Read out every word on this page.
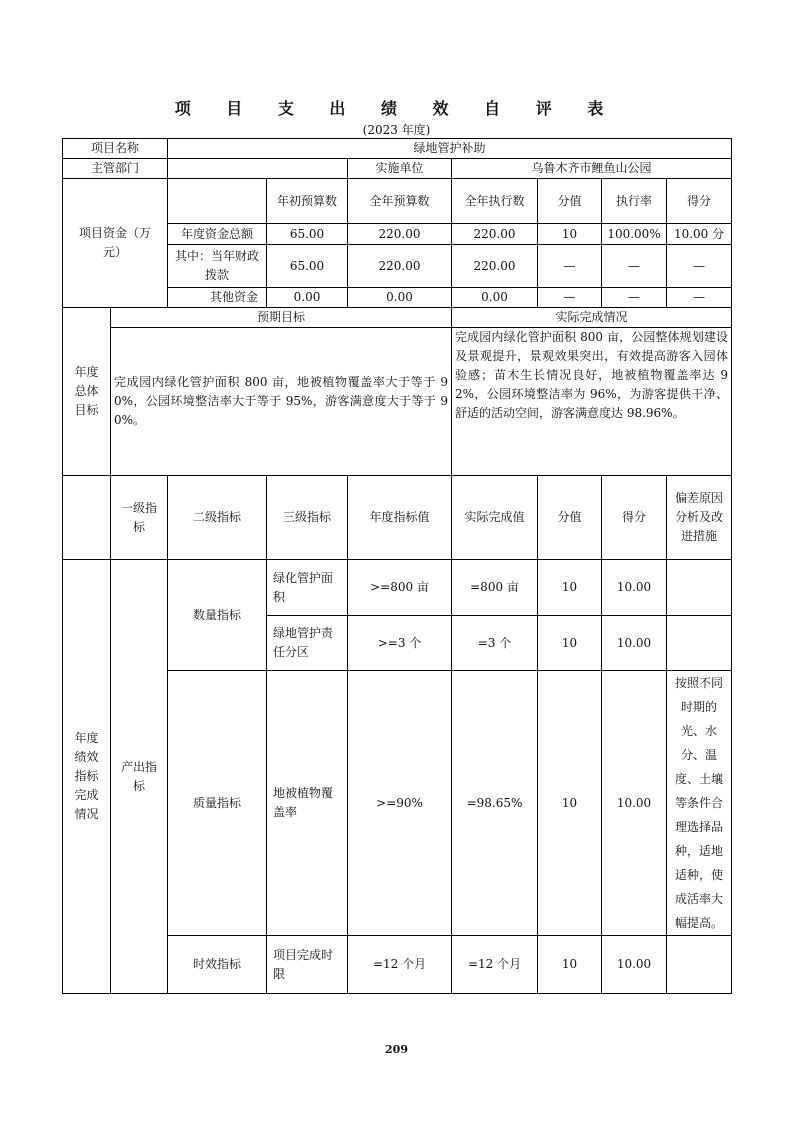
项 目 支 出 绩 效 自 评 表
(2023 年度)
项目名称		绿地管护补助						
主管部门				实施单位	乌鲁木齐市鲤鱼山公园			
项目资金（万元）			年初预算数	全年预算数	全年执行数	分值	执行率	得分
		年度资金总额	65.00	220.00	220.00	10	100.00%	10.00 分
		其中：当年财政拨款	65.00	220.00	220.00	—	—	—
		其他资金	0.00	0.00	0.00	—	—	—
年度总体目标	预期目标				实际完成情况			
	完成园内绿化管护面积 800 亩，地被植物覆盖率大于等于 90%，公园环境整洁率大于等于 95%，游客满意度大于等于 90%。				完成园内绿化管护面积 800 亩，公园整体规划建设及景观提升，景观效果突出，有效提高游客入园体验感；苗木生长情况良好，地被植物覆盖率达 92%，公园环境整洁率为 96%，为游客提供干净、舒适的活动空间，游客满意度达 98.96%。			
	一级指标	二级指标	三级指标	年度指标值	实际完成值	分值	得分	偏差原因分析及改进措施
年度绩效指标完成情况	产出指标	数量指标	绿化管护面积	>=800 亩	=800 亩	10	10.00	
			绿地管护责任分区	>=3 个	=3 个	10	10.00	
		质量指标	地被植物覆盖率	>=90%	=98.65%	10	10.00	按照不同时期的光、水分、温度、土壤等条件合理选择品种，适地适种，使成活率大幅提高。
		时效指标	项目完成时限	=12 个月	=12 个月	10	10.00	
209
